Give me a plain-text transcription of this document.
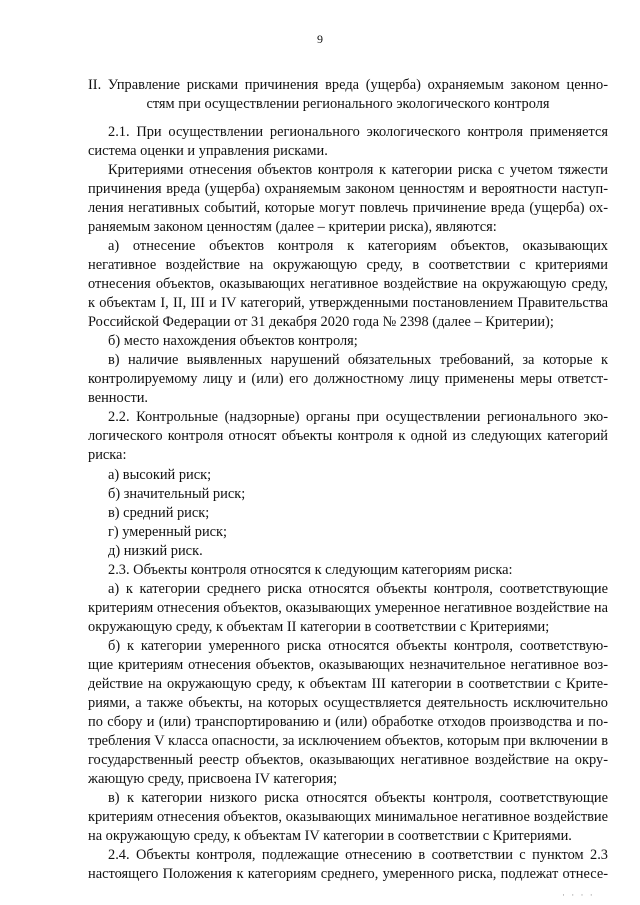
9
II. Управление рисками причинения вреда (ущерба) охраняемым законом ценно-
стям при осуществлении регионального экологического контроля
2.1. При осуществлении регионального экологического контроля применяется
система оценки и управления рисками.
Критериями отнесения объектов контроля к категории риска с учетом тяжести
причинения вреда (ущерба) охраняемым законом ценностям и вероятности наступ-
ления негативных событий, которые могут повлечь причинение вреда (ущерба) ох-
раняемым законом ценностям (далее – критерии риска), являются:
а) отнесение объектов контроля к категориям объектов, оказывающих
негативное воздействие на окружающую среду, в соответствии с критериями
отнесения объектов, оказывающих негативное воздействие на окружающую среду,
к объектам I, II, III и IV категорий, утвержденными постановлением Правительства
Российской Федерации от 31 декабря 2020 года № 2398 (далее – Критерии);
б) место нахождения объектов контроля;
в) наличие выявленных нарушений обязательных требований, за которые к
контролируемому лицу и (или) его должностному лицу применены меры ответст-
венности.
2.2. Контрольные (надзорные) органы при осуществлении регионального эко-
логического контроля относят объекты контроля к одной из следующих категорий
риска:
а) высокий риск;
б) значительный риск;
в) средний риск;
г) умеренный риск;
д) низкий риск.
2.3. Объекты контроля относятся к следующим категориям риска:
а) к категории среднего риска относятся объекты контроля, соответствующие
критериям отнесения объектов, оказывающих умеренное негативное воздействие на
окружающую среду, к объектам II категории в соответствии с Критериями;
б) к категории умеренного риска относятся объекты контроля, соответствую-
щие критериям отнесения объектов, оказывающих незначительное негативное воз-
действие на окружающую среду, к объектам III категории в соответствии с Крите-
риями, а также объекты, на которых осуществляется деятельность исключительно
по сбору и (или) транспортированию и (или) обработке отходов производства и по-
требления V класса опасности, за исключением объектов, которым при включении в
государственный реестр объектов, оказывающих негативное воздействие на окру-
жающую среду, присвоена IV категория;
в) к категории низкого риска относятся объекты контроля, соответствующие
критериям отнесения объектов, оказывающих минимальное негативное воздействие
на окружающую среду, к объектам IV категории в соответствии с Критериями.
2.4. Объекты контроля, подлежащие отнесению в соответствии с пунктом 2.3
настоящего Положения к категориям среднего, умеренного риска, подлежат отнесе-
· · · ·
